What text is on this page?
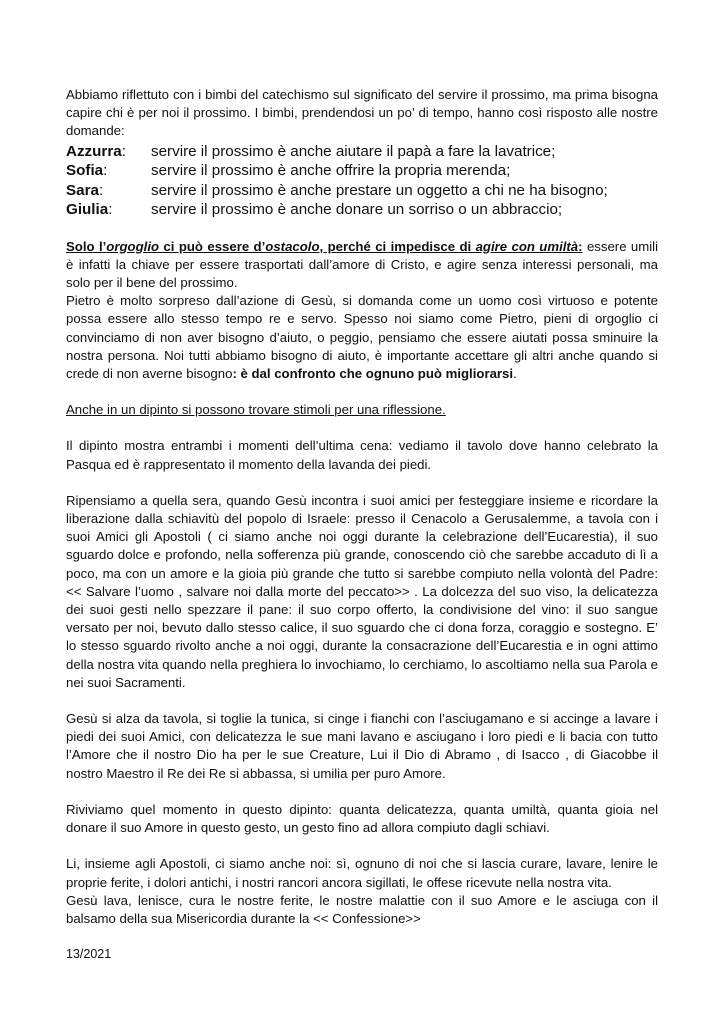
Abbiamo riflettuto con i bimbi del catechismo sul significato del servire il prossimo, ma prima bisogna capire chi è per noi il prossimo. I bimbi, prendendosi un po’ di tempo, hanno così risposto alle nostre domande:

Azzurra:	servire il prossimo è anche aiutare il papà a fare la lavatrice;
Sofia:	servire il prossimo è anche offrire la propria merenda;
Sara:	servire il prossimo è anche prestare un oggetto a chi ne ha bisogno;
Giulia:	servire il prossimo è anche donare un sorriso o un abbraccio;

Solo l’orgoglio ci può essere d’ostacolo, perché ci impedisce di agire con umiltà: essere umili è infatti la chiave per essere trasportati dall’amore di Cristo, e agire senza interessi personali, ma solo per il bene del prossimo.

Pietro è molto sorpreso dall’azione di Gesù, si domanda come un uomo così virtuoso e potente possa essere allo stesso tempo re e servo. Spesso noi siamo come Pietro, pieni di orgoglio ci convinciamo di non aver bisogno d’aiuto, o peggio, pensiamo che essere aiutati possa sminuire la nostra persona. Noi tutti abbiamo bisogno di aiuto, è importante accettare gli altri anche quando si crede di non averne bisogno: è dal confronto che ognuno può migliorarsi.

Anche in un dipinto si possono trovare stimoli per una riflessione.

Il dipinto mostra entrambi i momenti dell’ultima cena: vediamo il tavolo dove hanno celebrato la Pasqua ed è rappresentato il momento della lavanda dei piedi.

Ripensiamo a quella sera, quando Gesù incontra i suoi amici per festeggiare insieme e ricordare la liberazione dalla schiavitù del popolo di Israele: presso il Cenacolo a Gerusalemme, a tavola con i suoi Amici gli Apostoli ( ci siamo anche noi oggi durante la celebrazione dell’Eucarestia), il suo sguardo dolce e profondo, nella sofferenza più grande, conoscendo ciò che sarebbe accaduto di lì a poco, ma con un amore e la gioia più grande che tutto si sarebbe compiuto nella volontà del Padre: << Salvare l’uomo , salvare noi dalla morte del peccato>> . La dolcezza del suo viso, la delicatezza dei suoi gesti nello spezzare il pane: il suo corpo offerto, la condivisione del vino: il suo sangue versato per noi, bevuto dallo stesso calice, il suo sguardo che ci dona forza, coraggio e sostegno. E’ lo stesso sguardo rivolto anche a noi oggi, durante la consacrazione dell’Eucarestia e in ogni attimo della nostra vita quando nella preghiera lo invochiamo, lo cerchiamo, lo ascoltiamo nella sua Parola e nei suoi Sacramenti.

Gesù si alza da tavola, si toglie la tunica, si cinge i fianchi con l’asciugamano e si accinge a lavare i piedi dei suoi Amici, con delicatezza le sue mani lavano e asciugano i loro piedi e li bacia con tutto l’Amore che il nostro Dio ha per le sue Creature, Lui il Dio di Abramo , di Isacco , di Giacobbe il nostro Maestro il Re dei Re si abbassa, si umilia per puro Amore.

Riviviamo quel momento in questo dipinto: quanta delicatezza, quanta umiltà, quanta gioia nel donare il suo Amore in questo gesto, un gesto fino ad allora compiuto dagli schiavi.

Li, insieme agli Apostoli, ci siamo anche noi: sì, ognuno di noi che si lascia curare, lavare, lenire le proprie ferite, i dolori antichi, i nostri rancori ancora sigillati, le offese ricevute nella nostra vita.

Gesù lava, lenisce, cura le nostre ferite, le nostre malattie con il suo Amore e le asciuga con il balsamo della sua Misericordia durante la << Confessione>>

13/2021
